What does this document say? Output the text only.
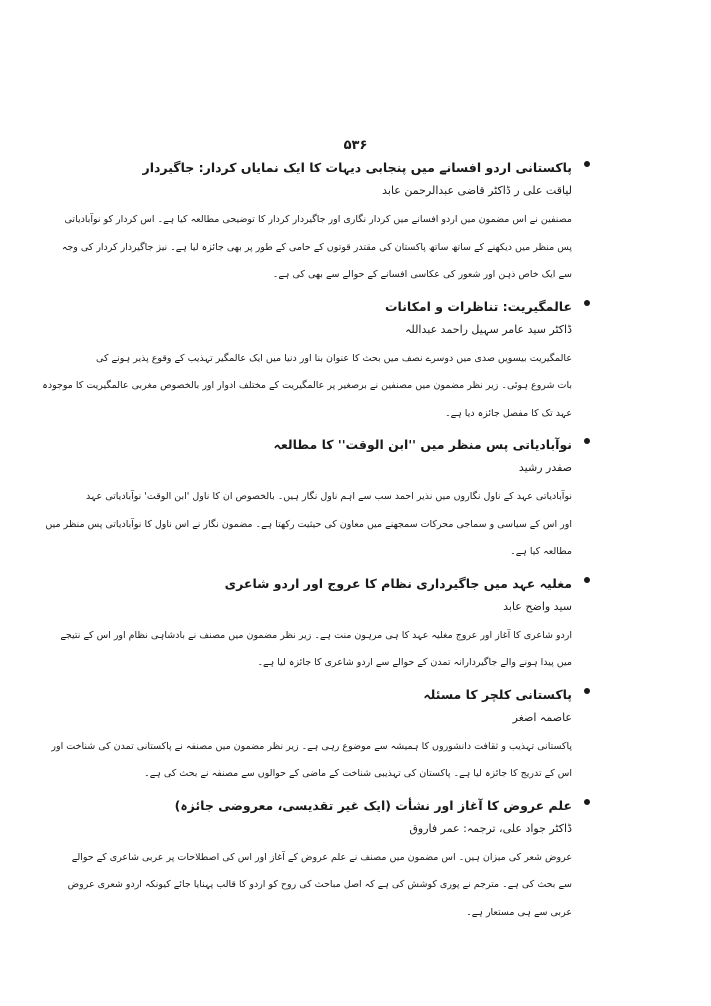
۵۳۶
پاکستانی اردو افسانے میں پنجابی دیہات کا ایک نمایاں کردار: جاگیردار
لیاقت علی ر ڈاکٹر قاضی عبدالرحمن عابد
مصنفین نے اس مضمون میں اردو افسانے میں کردار نگاری اور جاگیردار کردار کا توضیحی مطالعہ کیا ہے۔ اس کردار کو نوآبادیاتی
پس منظر میں دیکھنے کے ساتھ ساتھ پاکستان کی مقتدر قوتوں کے حامی کے طور پر بھی جائزہ لیا ہے۔ نیز جاگیردار کردار کی وجہ
سے ایک خاص ذہن اور شعور کی عکاسی افسانے کے حوالے سے بھی کی ہے۔
عالمگیریت: تناظرات و امکانات
ڈاکٹر سید عامر سہیل راحمد عبداللہ
عالمگیریت بیسویں صدی میں دوسرے نصف میں بحث کا عنوان بنا اور دنیا میں ایک عالمگیر تہذیب کے وقوع پذیر ہونے کی
بات شروع ہوئی۔ زیر نظر مضمون میں مصنفین نے برصغیر پر عالمگیریت کے مختلف ادوار اور بالخصوص مغربی عالمگیریت کا موجودہ
عہد تک کا مفصل جائزہ دیا ہے۔
نوآبادیاتی پس منظر میں ''ابن الوقت'' کا مطالعہ
صفدر رشید
نوآبادیاتی عہد کے ناول نگاروں میں نذیر احمد سب سے اہم ناول نگار ہیں۔ بالخصوص ان کا ناول 'ابن الوقت' نوآبادیاتی عہد
اور اس کے سیاسی و سماجی محرکات سمجھنے میں معاون کی حیثیت رکھتا ہے۔ مضمون نگار نے اس ناول کا نوآبادیاتی پس منظر میں
مطالعہ کیا ہے۔
مغلیہ عہد میں جاگیرداری نظام کا عروج اور اردو شاعری
سید واضح عابد
اردو شاعری کا آغاز اور عروج مغلیہ عہد کا ہی مرہون منت ہے۔ زیر نظر مضمون میں مصنف نے بادشاہی نظام اور اس کے نتیجے
میں پیدا ہونے والے جاگیردارانہ تمدن کے حوالے سے اردو شاعری کا جائزہ لیا ہے۔
پاکستانی کلچر کا مسئلہ
عاصمہ اصغر
پاکستانی تہذیب و ثقافت دانشوروں کا ہمیشہ سے موضوع رہی ہے۔ زیر نظر مضمون میں مصنفہ نے پاکستانی تمدن کی شناخت اور
اس کے تدریج کا جائزہ لیا ہے۔ پاکستان کی تہذیبی شناخت کے ماضی کے حوالوں سے مصنفہ نے بحث کی ہے۔
علم عروض کا آغاز اور نشأت (ایک غیر تقدیسی، معروضی جائزہ)
ڈاکٹر جواد علی، ترجمہ: عمر فاروق
عروض شعر کی میزان ہیں۔ اس مضمون میں مصنف نے علم عروض کے آغاز اور اس کی اصطلاحات پر عربی شاعری کے حوالے
سے بحث کی ہے۔ مترجم نے پوری کوشش کی ہے کہ اصل مباحث کی روح کو اردو کا قالب پہنایا جائے کیونکہ اردو شعری عروض
عربی سے ہی مستعار ہے۔
